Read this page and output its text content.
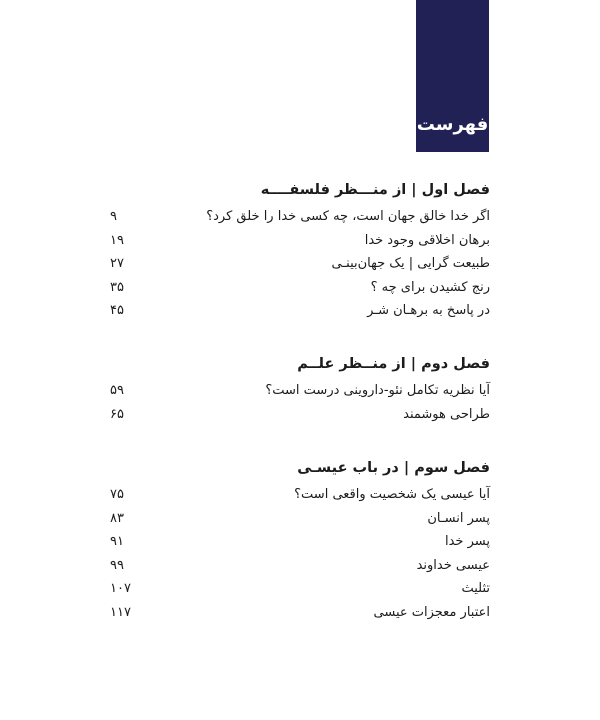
فهرست
فصل اول | از منـــظر فلسفــــه
اگر خدا خالق جهان است، چه کسی خدا را خلق کرد؟
۹
برهان اخلاقی وجود خدا
۱۹
طبیعت گرایی | یک جهان‌بینـی
۲۷
رنج کشیدن برای چه ؟
۳۵
در پاسخ به برهـان شـر
۴۵
فصل دوم | از منــظر علــم
آیا نظریه تکامل نئو-داروینی درست است؟
۵۹
طراحی هوشمند
۶۵
فصل سوم | در باب عیسـی
آیا عیسی یک شخصیت واقعی است؟
۷۵
پسر انسـان
۸۳
پسر خدا
۹۱
عیسی خداوند
۹۹
تثلیث
۱۰۷
اعتبار معجزات عیسی
۱۱۷
